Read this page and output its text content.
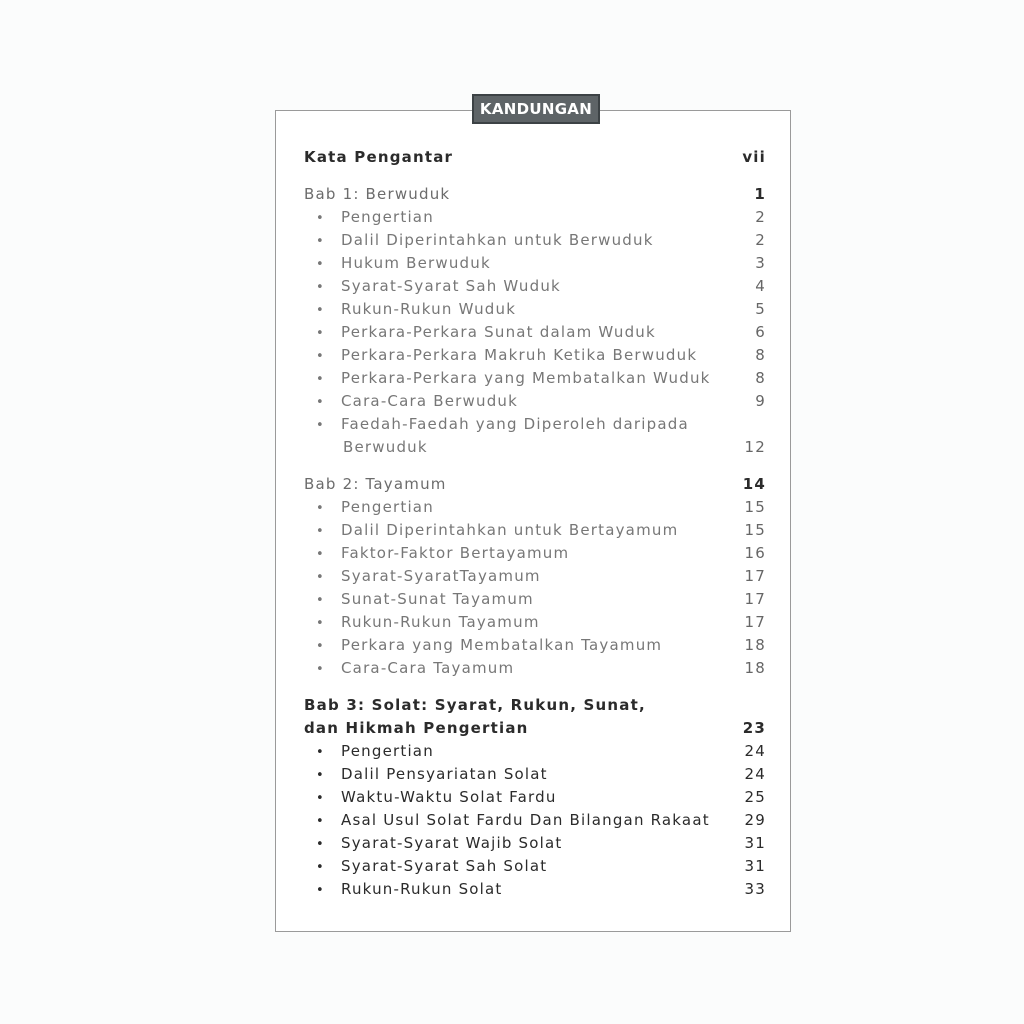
KANDUNGAN
Kata Pengantar	vii
Bab 1: Berwuduk	1
•	Pengertian	2
•	Dalil Diperintahkan untuk Berwuduk	2
•	Hukum Berwuduk	3
•	Syarat-Syarat Sah Wuduk	4
•	Rukun-Rukun Wuduk	5
•	Perkara-Perkara Sunat dalam Wuduk	6
•	Perkara-Perkara Makruh Ketika Berwuduk	8
•	Perkara-Perkara yang Membatalkan Wuduk	8
•	Cara-Cara Berwuduk	9
•	Faedah-Faedah yang Diperoleh daripada
Berwuduk	12
Bab 2: Tayamum	14
•	Pengertian	15
•	Dalil Diperintahkan untuk Bertayamum	15
•	Faktor-Faktor Bertayamum	16
•	Syarat-SyaratTayamum	17
•	Sunat-Sunat Tayamum	17
•	Rukun-Rukun Tayamum	17
•	Perkara yang Membatalkan Tayamum	18
•	Cara-Cara Tayamum	18
Bab 3: Solat: Syarat, Rukun, Sunat,
dan Hikmah Pengertian	23
•	Pengertian	24
•	Dalil Pensyariatan Solat	24
•	Waktu-Waktu Solat Fardu	25
•	Asal Usul Solat Fardu Dan Bilangan Rakaat	29
•	Syarat-Syarat Wajib Solat	31
•	Syarat-Syarat Sah Solat	31
•	Rukun-Rukun Solat	33
